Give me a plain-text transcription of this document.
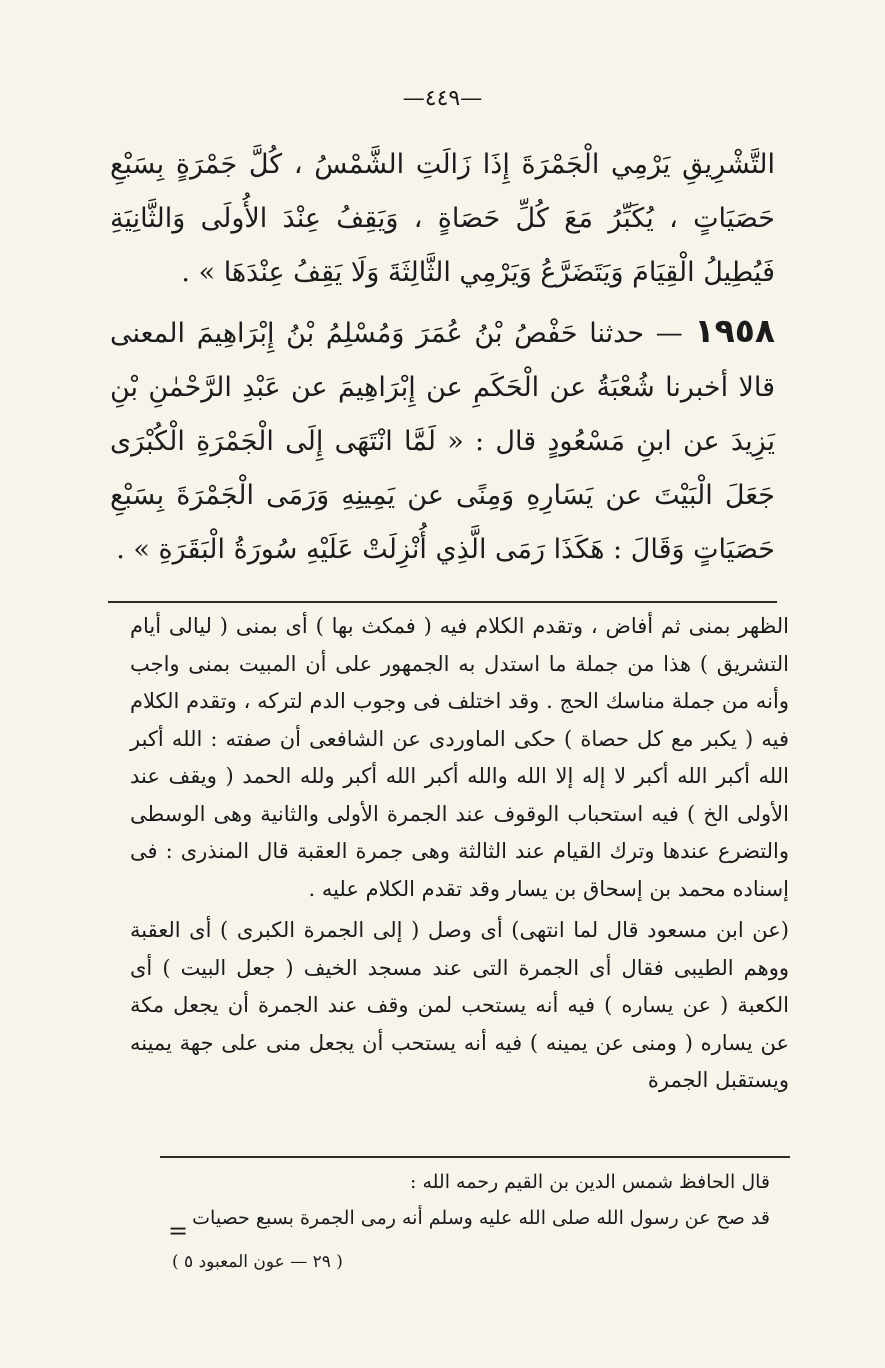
—٤٤٩—

التَّشْرِيقِ يَرْمِي الْجَمْرَةَ إِذَا زَالَتِ الشَّمْسُ ، كُلَّ جَمْرَةٍ بِسَبْعِ حَصَيَاتٍ ، يُكَبِّرُ مَعَ كُلِّ حَصَاةٍ ، وَيَقِفُ عِنْدَ الأُولَى وَالثَّانِيَةِ فَيُطِيلُ الْقِيَامَ وَيَتَضَرَّعُ وَيَرْمِي الثَّالِثَةَ وَلَا يَقِفُ عِنْدَهَا » .

١٩٥٨ — حدثنا حَفْصُ بْنُ عُمَرَ وَمُسْلِمُ بْنُ إِبْرَاهِيمَ المعنى قالا أخبرنا شُعْبَةُ عن الْحَكَمِ عن إِبْرَاهِيمَ عن عَبْدِ الرَّحْمٰنِ بْنِ يَزِيدَ عن ابنِ مَسْعُودٍ قال : « لَمَّا انْتَهَى إِلَى الْجَمْرَةِ الْكُبْرَى جَعَلَ الْبَيْتَ عن يَسَارِهِ وَمِنًى عن يَمِينِهِ وَرَمَى الْجَمْرَةَ بِسَبْعِ حَصَيَاتٍ وَقَالَ : هَكَذَا رَمَى الَّذِي أُنْزِلَتْ عَلَيْهِ سُورَةُ الْبَقَرَةِ » .

الظهر بمنى ثم أفاض ، وتقدم الكلام فيه ( فمكث بها ) أى بمنى ( ليالى أيام التشريق ) هذا من جملة ما استدل به الجمهور على أن المبيت بمنى واجب وأنه من جملة مناسك الحج . وقد اختلف فى وجوب الدم لتركه ، وتقدم الكلام فيه ( يكبر مع كل حصاة ) حكى الماوردى عن الشافعى أن صفته : الله أكبر الله أكبر الله أكبر لا إله إلا الله والله أكبر الله أكبر ولله الحمد ( ويقف عند الأولى الخ ) فيه استحباب الوقوف عند الجمرة الأولى والثانية وهى الوسطى والتضرع عندها وترك القيام عند الثالثة وهى جمرة العقبة قال المنذرى : فى إسناده محمد بن إسحاق بن يسار وقد تقدم الكلام عليه .

(عن ابن مسعود قال لما انتهى) أى وصل ( إلى الجمرة الكبرى ) أى العقبة ووهم الطيبى فقال أى الجمرة التى عند مسجد الخيف ( جعل البيت ) أى الكعبة ( عن يساره ) فيه أنه يستحب لمن وقف عند الجمرة أن يجعل مكة عن يساره ( ومنى عن يمينه ) فيه أنه يستحب أن يجعل منى على جهة يمينه ويستقبل الجمرة

قال الحافظ شمس الدين بن القيم رحمه الله :

قد صح عن رسول الله صلى الله عليه وسلم أنه رمى الجمرة بسبع حصيات

=
( ٢٩ — عون المعبود ٥ )
